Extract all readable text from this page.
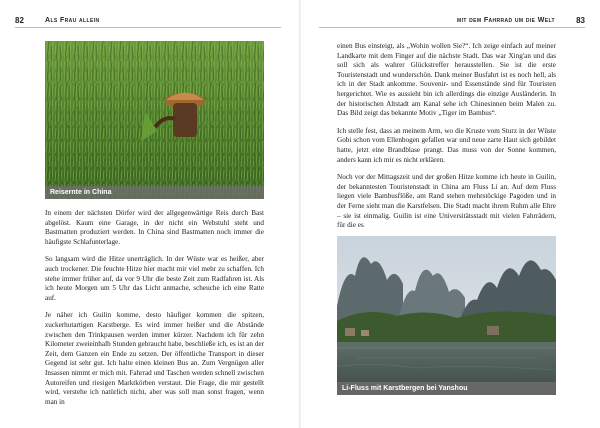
82	Als Frau allein
Reisernte in China

In einem der nächsten Dörfer wird der allgegenwärtige Reis durch Bast abgelöst. Kaum eine Garage, in der nicht ein Webstuhl steht und Bastmatten produziert werden. In China sind Bastmatten noch immer die häufigste Schlafunterlage.

So langsam wird die Hitze unerträglich. In der Wüste war es heißer, aber auch trockener. Die feuchte Hitze hier macht mir viel mehr zu schaffen. Ich stehe immer früher auf, da vor 9 Uhr die beste Zeit zum Radfahren ist. Als ich heute Morgen um 5 Uhr das Licht anmache, scheuche ich eine Ratte auf.

Je näher ich Guilin komme, desto häufiger kommen die spitzen, zuckerhutartigen Karstberge. Es wird immer heißer und die Abstände zwischen den Trinkpausen werden immer kürzer. Nachdem ich für zehn Kilometer zweieinhalb Stunden gebraucht habe, beschließe ich, es ist an der Zeit, dem Ganzen ein Ende zu setzen. Der öffentliche Transport in dieser Gegend ist sehr gut. Ich halte einen kleinen Bus an. Zum Vergnügen aller Insassen nimmt er mich mit. Fahrrad und Taschen werden schnell zwischen Autoreifen und riesigen Marktkörben verstaut. Die Frage, die mir gestellt wird, verstehe ich natürlich nicht, aber was soll man sonst fragen, wenn man in

mit dem Fahrrad um die Welt	83

einen Bus einsteigt, als „Wohin wollen Sie?“. Ich zeige einfach auf meiner Landkarte mit dem Finger auf die nächste Stadt. Das war Xing'an und das soll sich als wahrer Glückstreffer herausstellen. Sie ist die erste Touristenstadt und wunderschön. Dank meiner Busfahrt ist es noch hell, als ich in der Stadt ankomme. Souvenir- und Essenstände sind für Touristen hergerichtet. Wie es aussieht bin ich allerdings die einzige Ausländerin. In der historischen Altstadt am Kanal sehe ich Chinesinnen beim Malen zu. Das Bild zeigt das bekannte Motiv „Tiger im Bambus“.

Ich stelle fest, dass an meinem Arm, wo die Kruste vom Sturz in der Wüste Gobi schon vom Ellenbogen gefallen war und neue zarte Haut sich gebildet hatte, jetzt eine Brandblase prangt. Das muss von der Sonne kommen, anders kann ich mir es nicht erklären.

Noch vor der Mittagszeit und der großen Hitze komme ich heute in Guilin, der bekanntesten Touristenstadt in China am Fluss Li an. Auf dem Fluss liegen viele Bambusflöße, am Rand stehen mehrstöckige Pagoden und in der Ferne sieht man die Karstfelsen. Die Stadt macht ihrem Ruhm alle Ehre – sie ist einmalig. Guilin ist eine Universitätsstadt mit vielen Fahrrädern, für die es

Li-Fluss mit Karstbergen bei Yanshou
